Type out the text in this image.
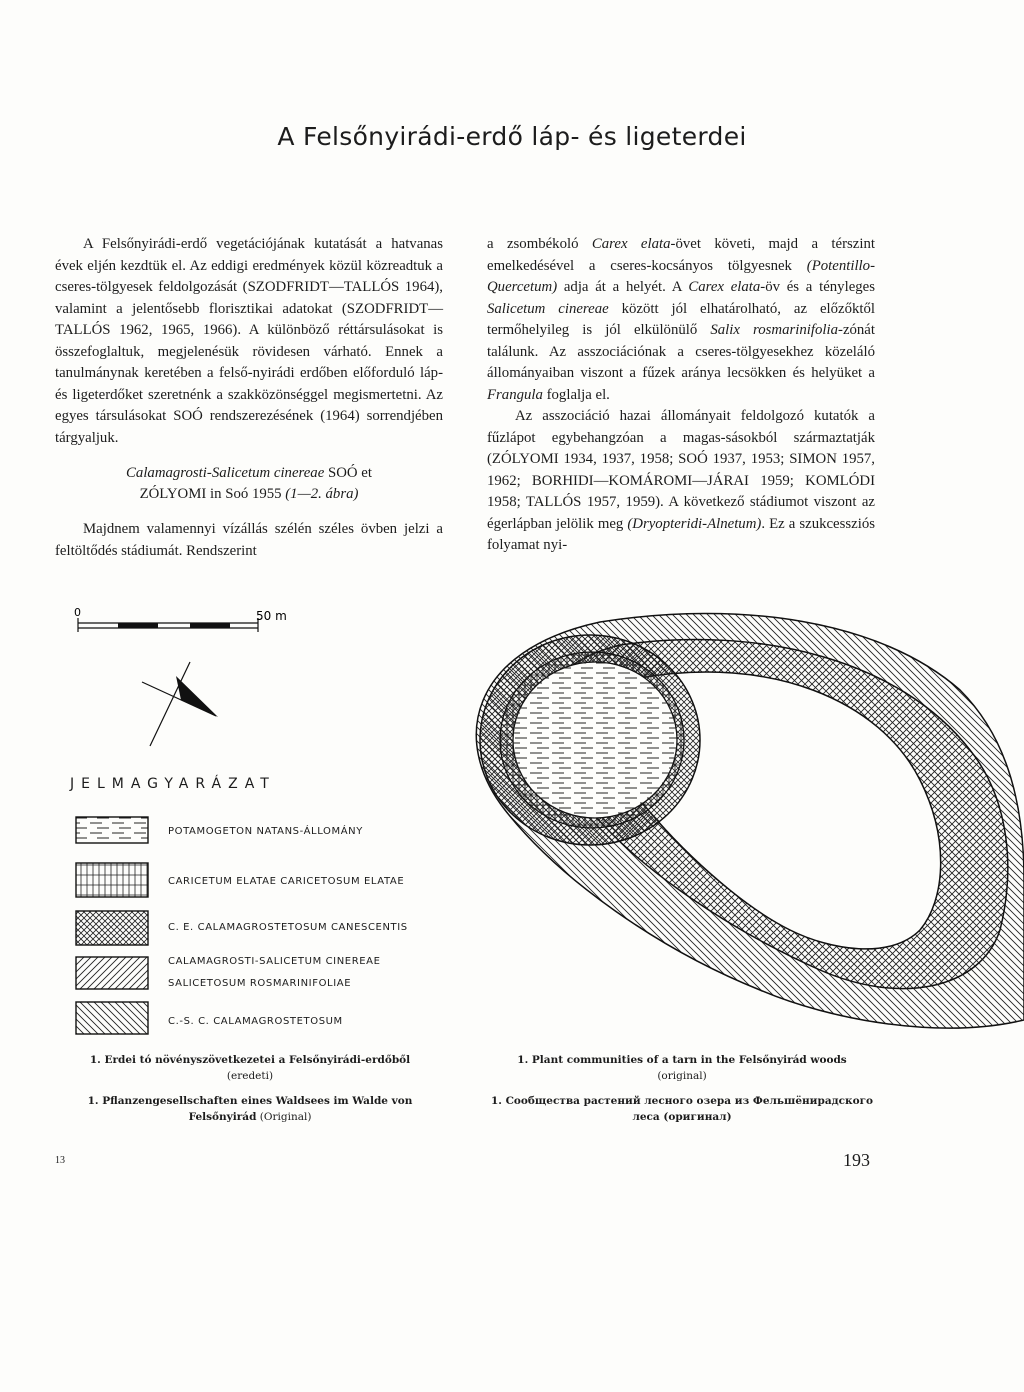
A Felsőnyirádi-erdő láp- és ligeterdei

A Felsőnyirádi-erdő vegetációjának kutatását a hatvanas évek eljén kezdtük el. Az eddigi eredmények közül közreadtuk a cseres-tölgyesek feldolgozását (SZODFRIDT—TALLÓS 1964), valamint a jelentősebb florisztikai adatokat (SZODFRIDT—TALLÓS 1962, 1965, 1966). A különböző réttársulásokat is összefoglaltuk, megjelenésük rövidesen várható. Ennek a tanulmánynak keretében a felső-nyirádi erdőben előforduló láp- és ligeterdőket szeretnénk a szakközönséggel megismertetni. Az egyes társulásokat SOÓ rendszerezésének (1964) sorrendjében tárgyaljuk.

Calamagrosti-Salicetum cinereae SOÓ et
ZÓLYOMI in Soó 1955 (1—2. ábra)

Majdnem valamennyi vízállás szélén széles övben jelzi a feltöltődés stádiumát. Rendszerint

a zsombékoló Carex elata-övet követi, majd a térszint emelkedésével a cseres-kocsányos tölgyesnek (Potentillo-Quercetum) adja át a helyét. A Carex elata-öv és a tényleges Salicetum cinereae között jól elhatárolható, az előzőktől termőhelyileg is jól elkülönülő Salix rosmarinifolia-zónát találunk. Az asszociációnak a cseres-tölgyesekhez közeláló állományaiban viszont a fűzek aránya lecsökken és helyüket a Frangula foglalja el.

Az asszociáció hazai állományait feldolgozó kutatók a fűzlápot egybehangzóan a magas-sásokból származtatják (ZÓLYOMI 1934, 1937, 1958; SOÓ 1937, 1953; SIMON 1957, 1962; BORHIDI—KOMÁROMI—JÁRAI 1959; KOMLÓDI 1958; TALLÓS 1957, 1959). A következő stádiumot viszont az égerlápban jelölik meg (Dryopteridi-Alnetum). Ez a szukcessziós folyamat nyi-

0	50 m
JELMAGYARÁZAT
POTAMOGETON NATANS-ÁLLOMÁNY
CARICETUM ELATAE CARICETOSUM ELATAE
C. E. CALAMAGROSTETOSUM CANESCENTIS
CALAMAGROSTI-SALICETUM CINEREAE
SALICETOSUM ROSMARINIFOLIAE
C.-S. C. CALAMAGROSTETOSUM
1. Erdei tó növényszövetkezetei a Felsőnyirádi-erdőből
(eredeti)
1. Pflanzengesellschaften eines Waldsees im Walde von
Felsőnyirád (Original)
1. Plant communities of a tarn in the Felsőnyirád woods
(original)
1. Сообщества растений лесного озера из Фельшёнирадского
леса (оригинал)
13	193
